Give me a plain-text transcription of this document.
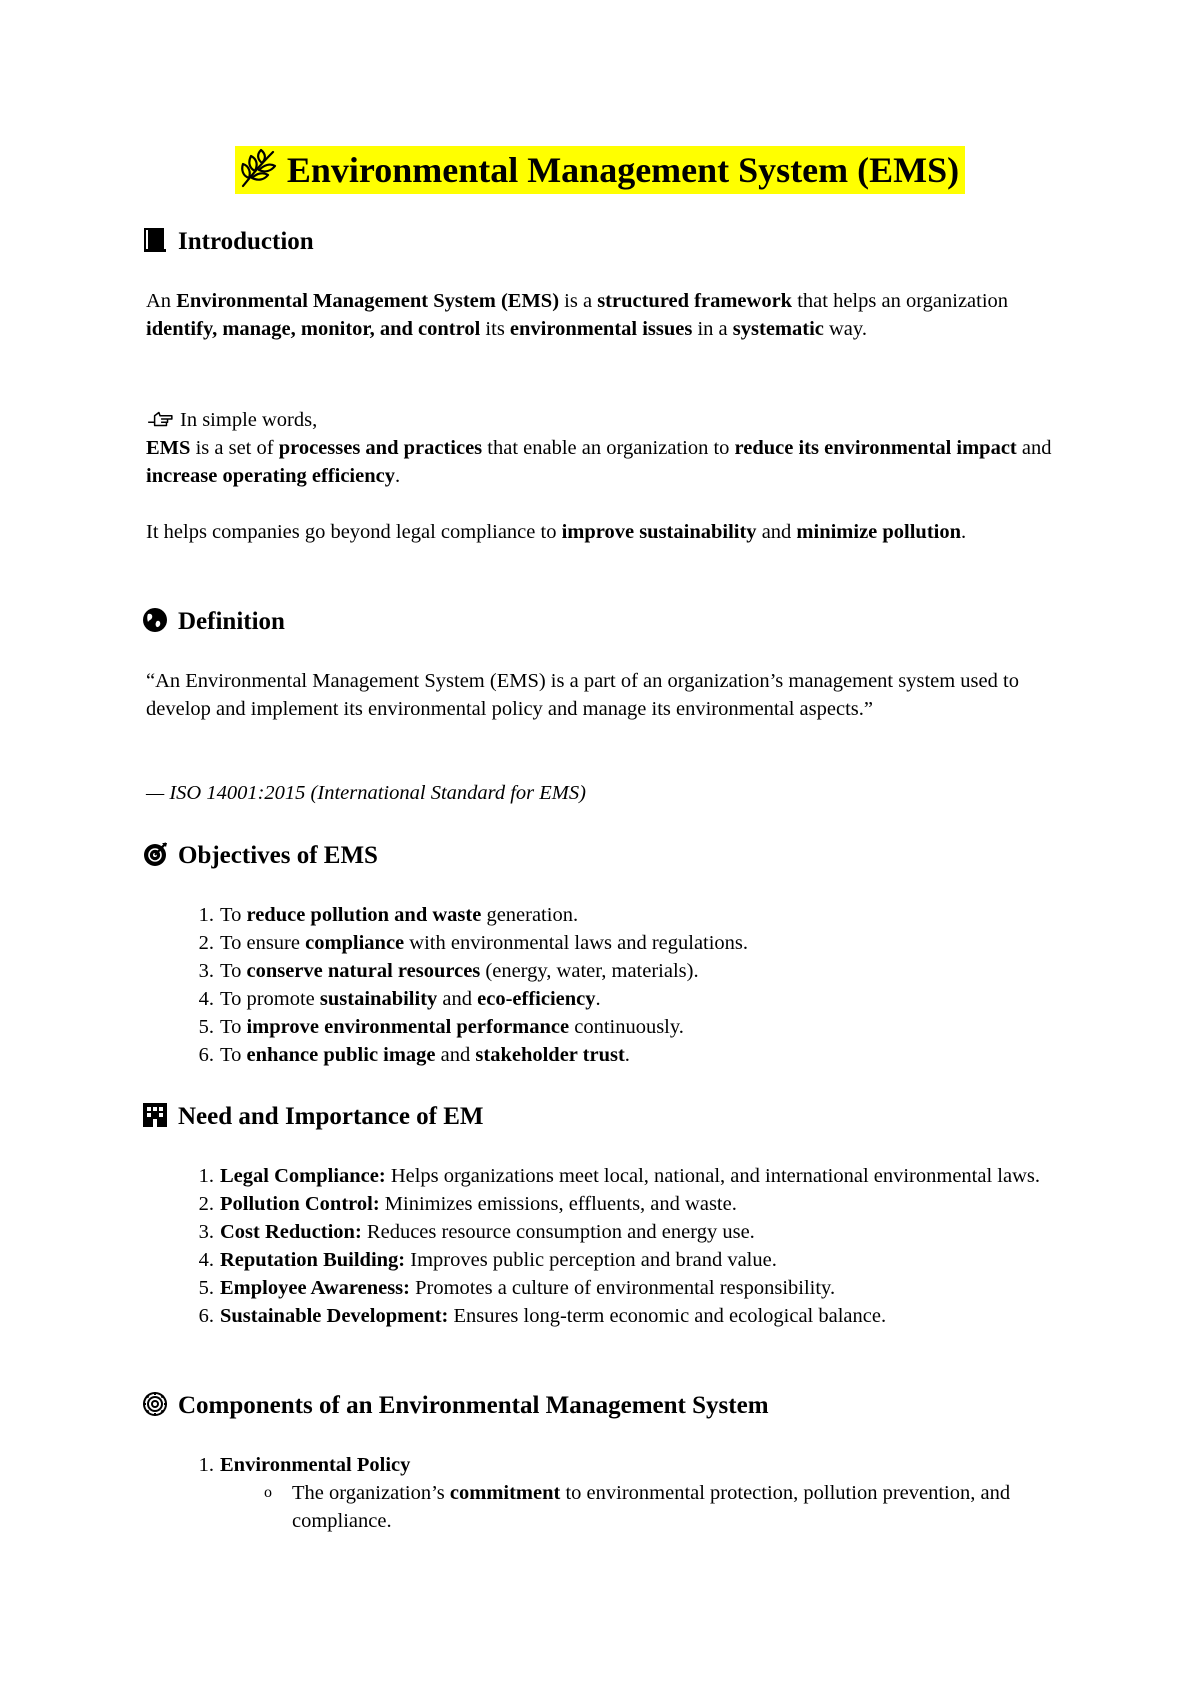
Environmental Management System (EMS)
Introduction
An Environmental Management System (EMS) is a structured framework that helps an organization identify, manage, monitor, and control its environmental issues in a systematic way.
In simple words,
EMS is a set of processes and practices that enable an organization to reduce its environmental impact and increase operating efficiency.
It helps companies go beyond legal compliance to improve sustainability and minimize pollution.
Definition
“An Environmental Management System (EMS) is a part of an organization’s management system used to develop and implement its environmental policy and manage its environmental aspects.”
— ISO 14001:2015 (International Standard for EMS)
Objectives of EMS
1. To reduce pollution and waste generation.
2. To ensure compliance with environmental laws and regulations.
3. To conserve natural resources (energy, water, materials).
4. To promote sustainability and eco-efficiency.
5. To improve environmental performance continuously.
6. To enhance public image and stakeholder trust.
Need and Importance of EM
1. Legal Compliance: Helps organizations meet local, national, and international environmental laws.
2. Pollution Control: Minimizes emissions, effluents, and waste.
3. Cost Reduction: Reduces resource consumption and energy use.
4. Reputation Building: Improves public perception and brand value.
5. Employee Awareness: Promotes a culture of environmental responsibility.
6. Sustainable Development: Ensures long-term economic and ecological balance.
Components of an Environmental Management System
1. Environmental Policy
o The organization’s commitment to environmental protection, pollution prevention, and compliance.
